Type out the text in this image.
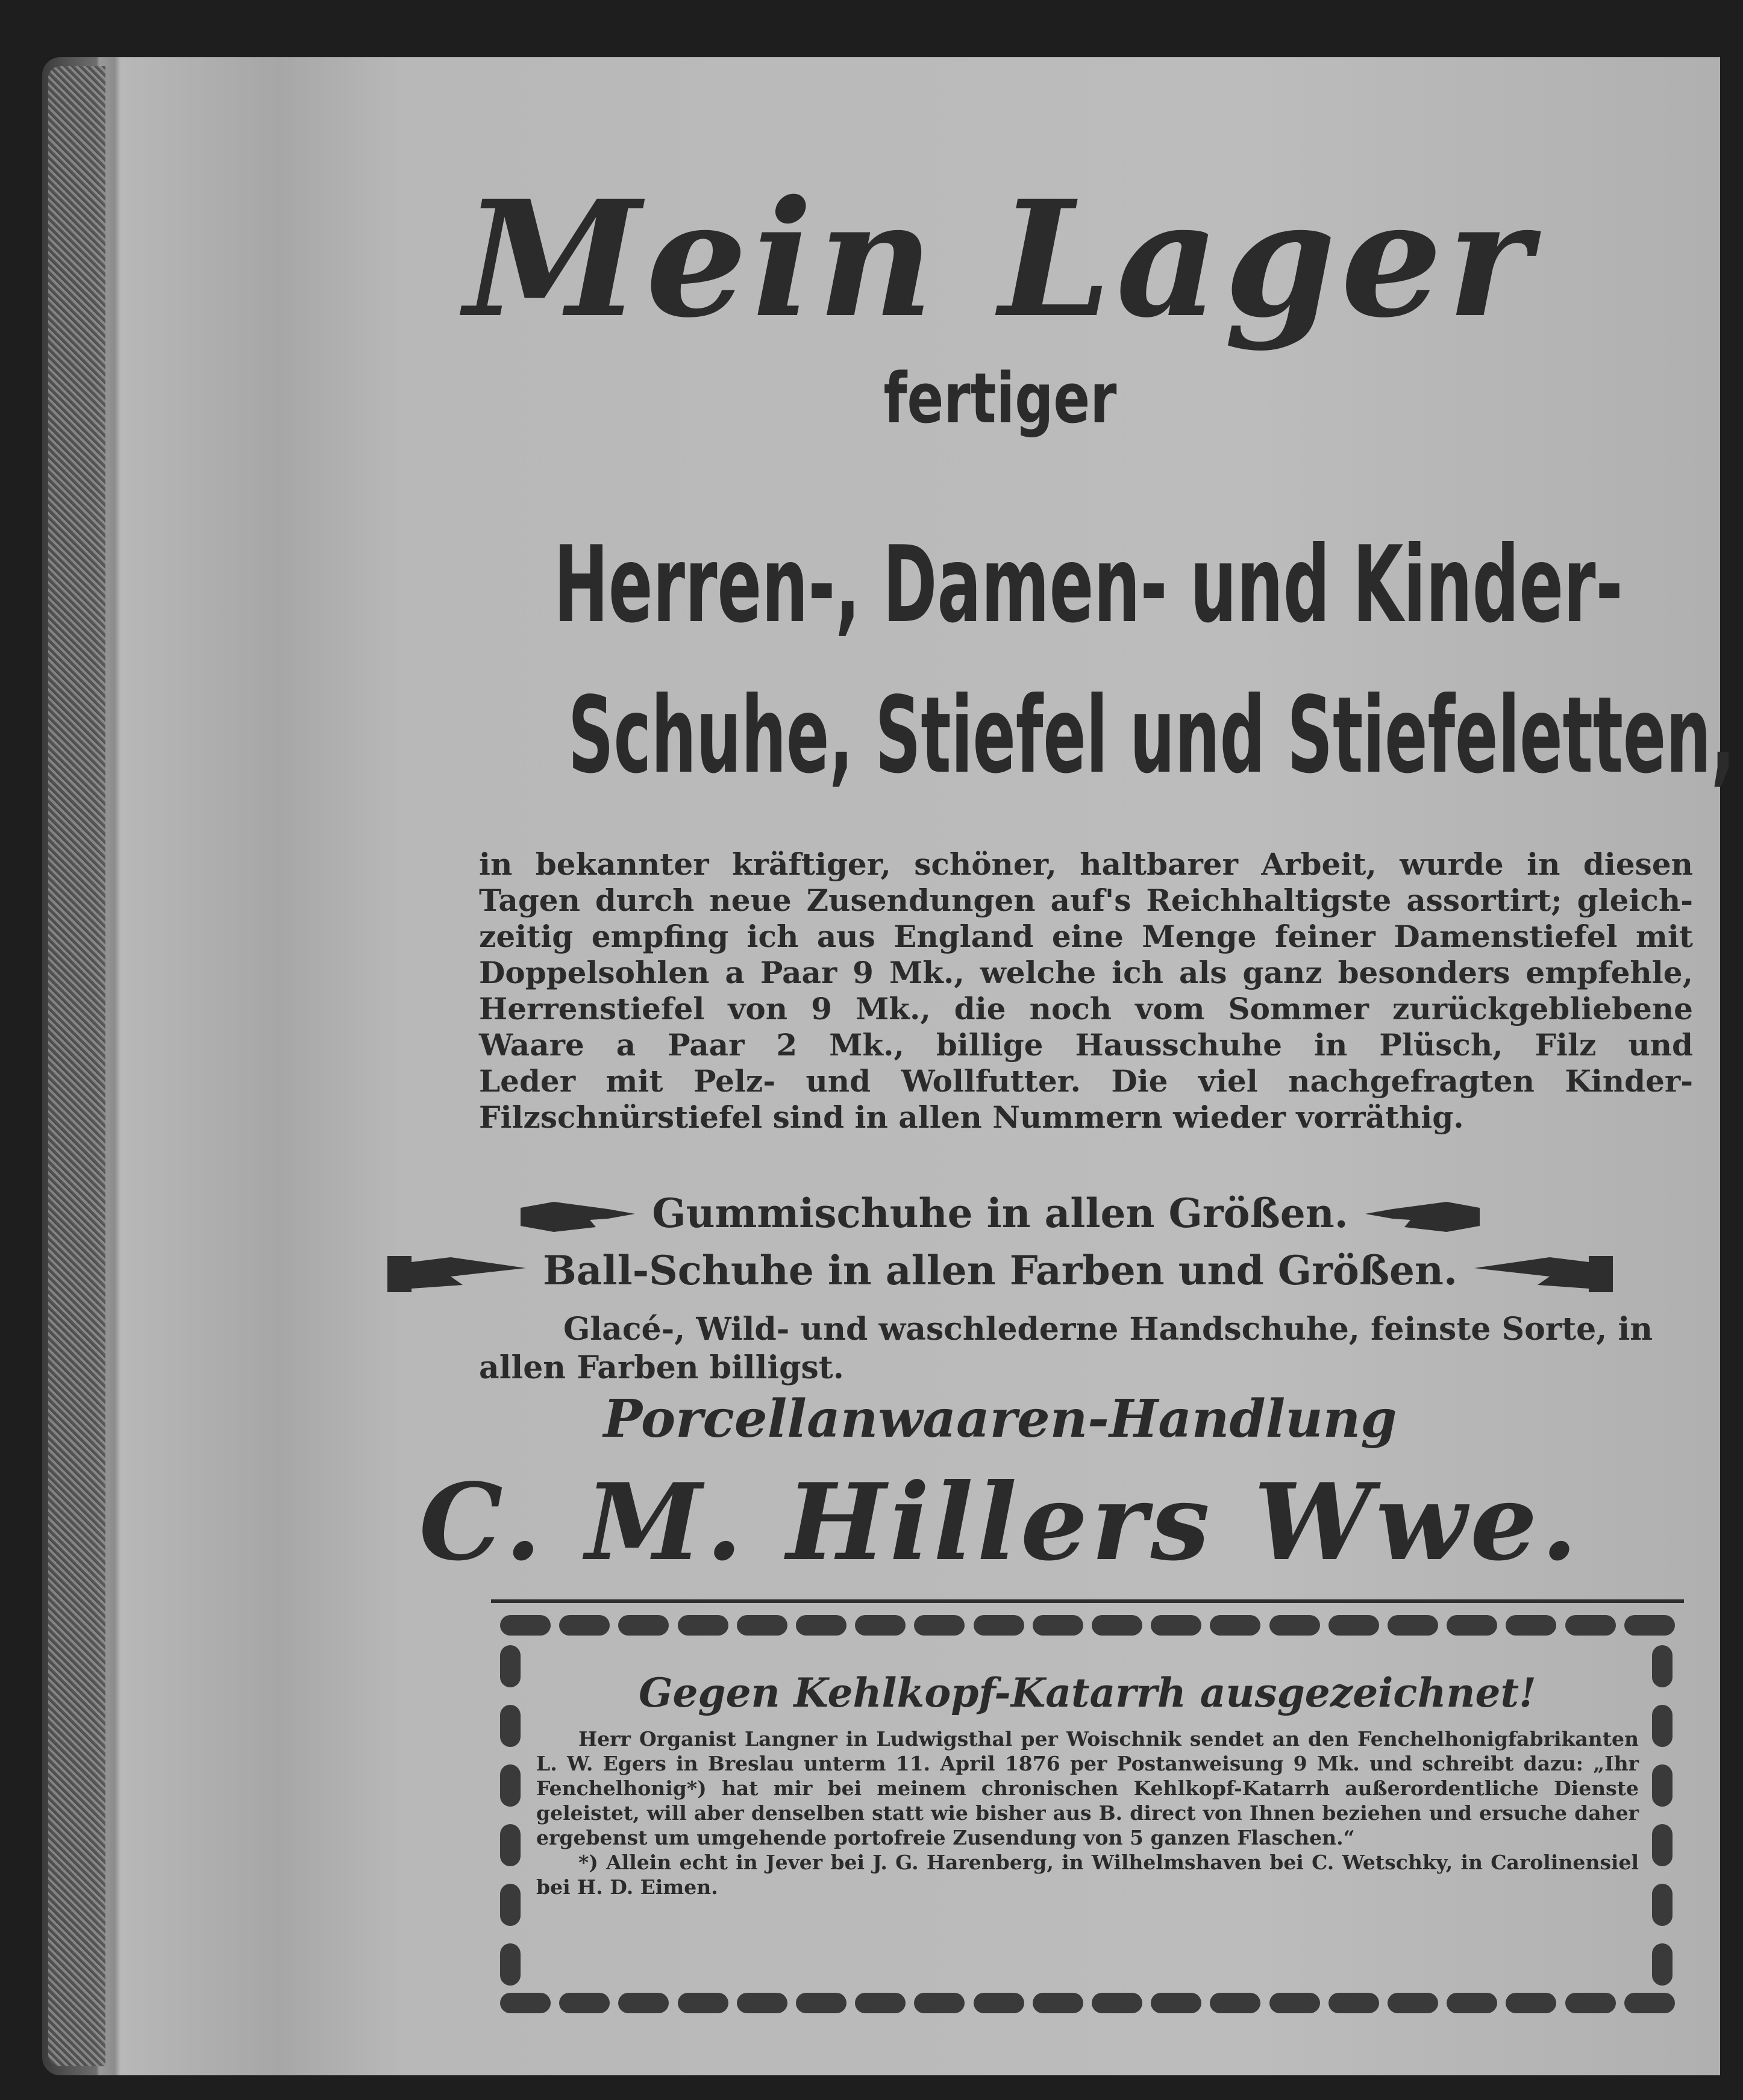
Mein Lager
fertiger
Herren-, Damen- und Kinder-
Schuhe, Stiefel und Stiefeletten,
in bekannter kräftiger, schöner, haltbarer Arbeit, wurde in diesen
Tagen durch neue Zusendungen auf's Reichhaltigste assortirt; gleich-
zeitig empfing ich aus England eine Menge feiner Damenstiefel mit
Doppelsohlen a Paar 9 Mk., welche ich als ganz besonders empfehle,
Herrenstiefel von 9 Mk., die noch vom Sommer zurückgebliebene
Waare a Paar 2 Mk., billige Hausschuhe in Plüsch, Filz und
Leder mit Pelz- und Wollfutter. Die viel nachgefragten Kinder-
Filzschnürstiefel sind in allen Nummern wieder vorräthig.
Gummischuhe in allen Größen.
Ball-Schuhe in allen Farben und Größen.
Glacé-, Wild- und waschlederne Handschuhe, feinste Sorte, in allen Farben billigst.
Porcellanwaaren-Handlung
C. M. Hillers Wwe.
Gegen Kehlkopf-Katarrh ausgezeichnet!
Herr Organist Langner in Ludwigsthal per Woischnik sendet an den Fenchelhonigfabrikanten L. W. Egers in Breslau unterm 11. April 1876 per Postanweisung 9 Mk. und schreibt dazu: „Ihr Fenchelhonig*) hat mir bei meinem chronischen Kehlkopf-Katarrh außerordentliche Dienste geleistet, will aber denselben statt wie bisher aus B. direct von Ihnen beziehen und ersuche daher ergebenst um umgehende portofreie Zusendung von 5 ganzen Flaschen.“
*) Allein echt in Jever bei J. G. Harenberg, in Wilhelmshaven bei C. Wetschky, in Carolinensiel bei H. D. Eimen.
